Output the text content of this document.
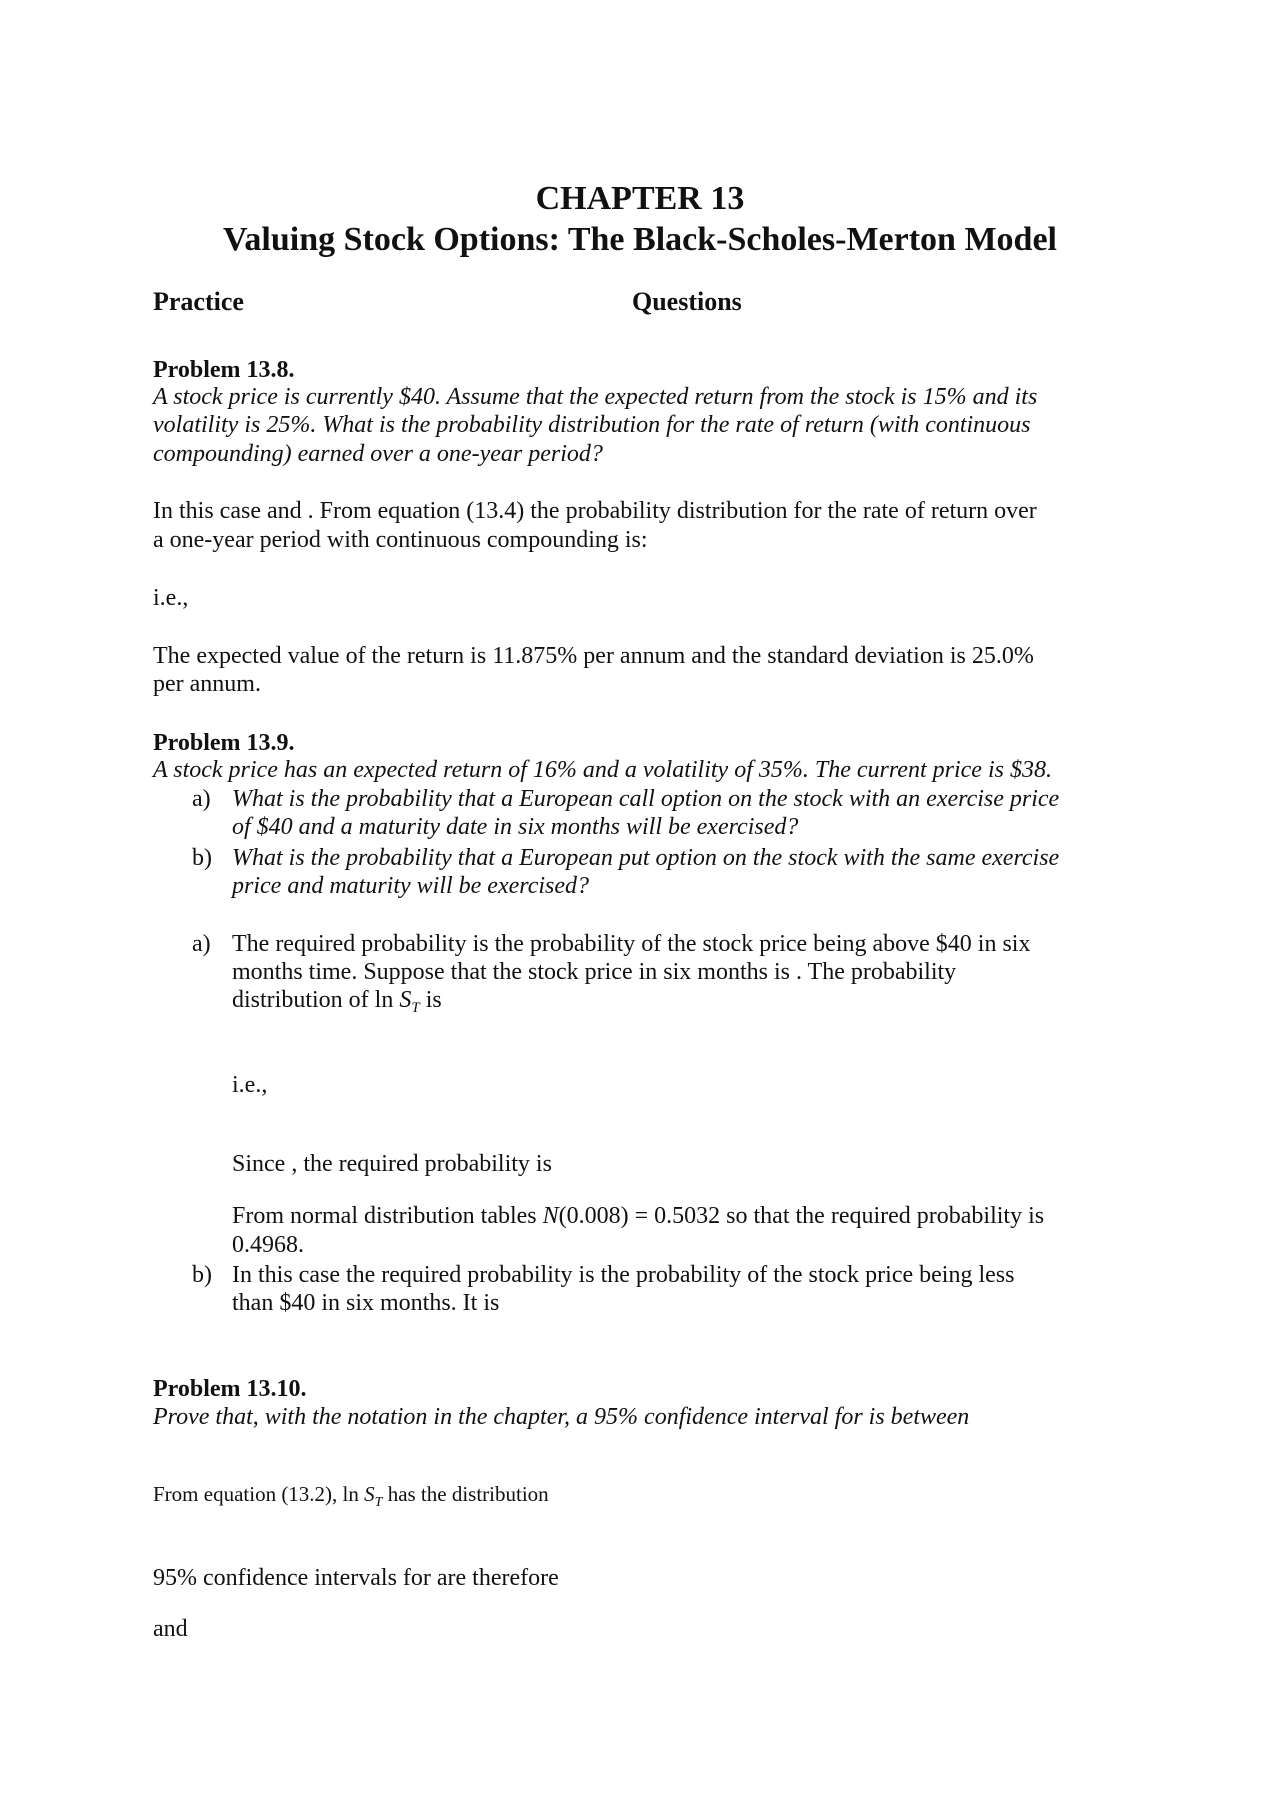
CHAPTER 13
Valuing Stock Options: The Black-Scholes-Merton Model
Practice	Questions
Problem 13.8.
A stock price is currently $40. Assume that the expected return from the stock is 15% and its
volatility is 25%. What is the probability distribution for the rate of return (with continuous
compounding) earned over a one-year period?
In this case and . From equation (13.4) the probability distribution for the rate of return over
a one-year period with continuous compounding is:
i.e.,
The expected value of the return is 11.875% per annum and the standard deviation is 25.0%
per annum.
Problem 13.9.
A stock price has an expected return of 16% and a volatility of 35%. The current price is $38.
a) What is the probability that a European call option on the stock with an exercise price
of $40 and a maturity date in six months will be exercised?
b) What is the probability that a European put option on the stock with the same exercise
price and maturity will be exercised?
a) The required probability is the probability of the stock price being above $40 in six
months time. Suppose that the stock price in six months is . The probability
distribution of $\ln S_T$ is
i.e.,
Since , the required probability is
From normal distribution tables N(0.008) = 0.5032 so that the required probability is
0.4968.
b) In this case the required probability is the probability of the stock price being less
than $40 in six months. It is
Problem 13.10.
Prove that, with the notation in the chapter, a 95% confidence interval for is between
From equation (13.2), $\ln S_T$ has the distribution
95% confidence intervals for are therefore
and
